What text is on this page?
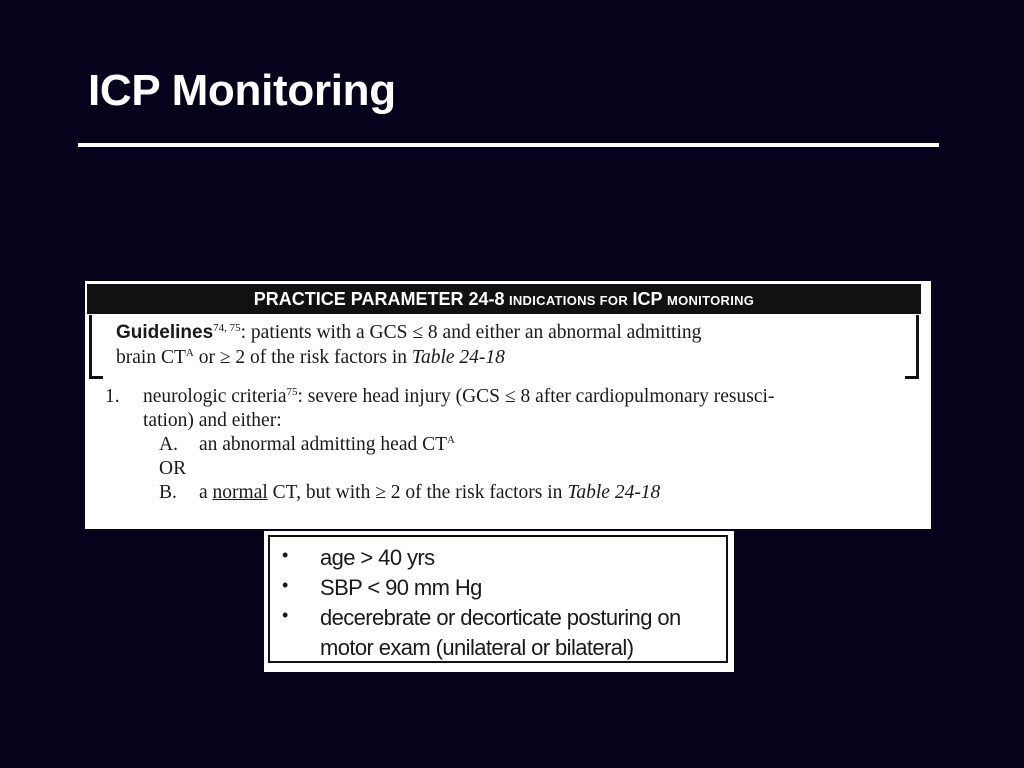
ICP Monitoring
PRACTICE PARAMETER 24-8 INDICATIONS FOR ICP MONITORING
Guidelines$^{74, 75}$: patients with a GCS ≤ 8 and either an abnormal admitting
brain $CT^A$ or ≥ 2 of the risk factors in Table 24-18
1. neurologic criteria$^{75}$: severe head injury (GCS ≤ 8 after cardiopulmonary resusci-
tation) and either:
A. an abnormal admitting head $CT^A$
OR
B. a normal CT, but with ≥ 2 of the risk factors in Table 24-18
• age > 40 yrs
• SBP < 90 mm Hg
• decerebrate or decorticate posturing on
motor exam (unilateral or bilateral)
